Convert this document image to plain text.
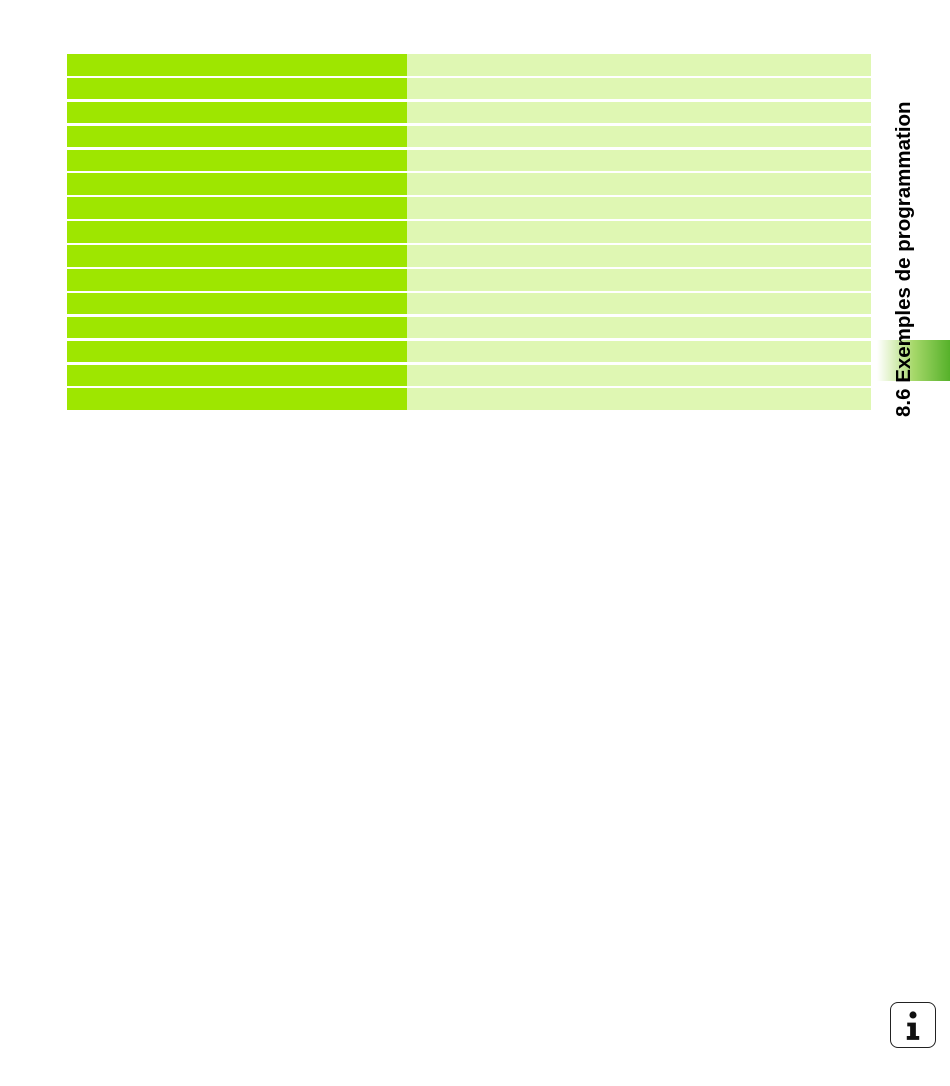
8.6 Exemples de programmation
